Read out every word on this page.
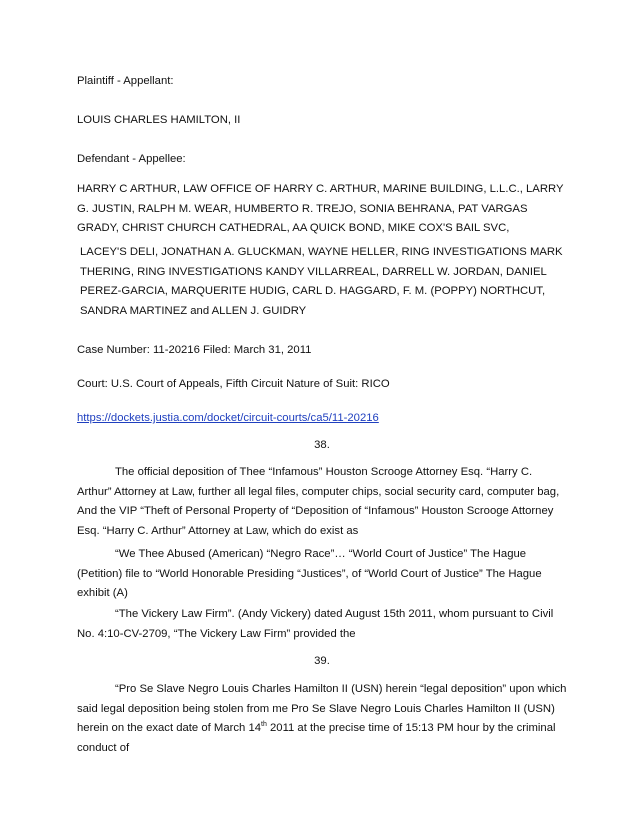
Plaintiff - Appellant:

LOUIS CHARLES HAMILTON, II

Defendant - Appellee:

HARRY C ARTHUR, LAW OFFICE OF HARRY C. ARTHUR, MARINE BUILDING, L.L.C., LARRY G. JUSTIN, RALPH M. WEAR, HUMBERTO R. TREJO, SONIA BEHRANA, PAT VARGAS GRADY, CHRIST CHURCH CATHEDRAL, AA QUICK BOND, MIKE COX'S BAIL SVC,

LACEY'S DELI, JONATHAN A. GLUCKMAN, WAYNE HELLER, RING INVESTIGATIONS MARK THERING, RING INVESTIGATIONS KANDY VILLARREAL, DARRELL W. JORDAN, DANIEL PEREZ-GARCIA, MARQUERITE HUDIG, CARL D. HAGGARD, F. M. (POPPY) NORTHCUT, SANDRA MARTINEZ and ALLEN J. GUIDRY

Case Number: 11-20216 Filed: March 31, 2011

Court: U.S. Court of Appeals, Fifth Circuit Nature of Suit: RICO

https://dockets.justia.com/docket/circuit-courts/ca5/11-20216

38.

The official deposition of Thee “Infamous” Houston Scrooge Attorney Esq. “Harry C. Arthur” Attorney at Law, further all legal files, computer chips, social security card, computer bag, And the VIP “Theft of Personal Property of “Deposition of “Infamous” Houston Scrooge Attorney Esq. “Harry C. Arthur” Attorney at Law, which do exist as

“We Thee Abused (American) “Negro Race”… “World Court of Justice” The Hague (Petition) file to “World Honorable Presiding “Justices”, of “World Court of Justice” The Hague exhibit (A)

“The Vickery Law Firm”. (Andy Vickery) dated August 15th 2011, whom pursuant to Civil No. 4:10-CV-2709, “The Vickery Law Firm” provided the

39.

“Pro Se Slave Negro Louis Charles Hamilton II (USN) herein “legal deposition” upon which said legal deposition being stolen from me Pro Se Slave Negro Louis Charles Hamilton II (USN) herein on the exact date of March 14th 2011 at the precise time of 15:13 PM hour by the criminal conduct of
